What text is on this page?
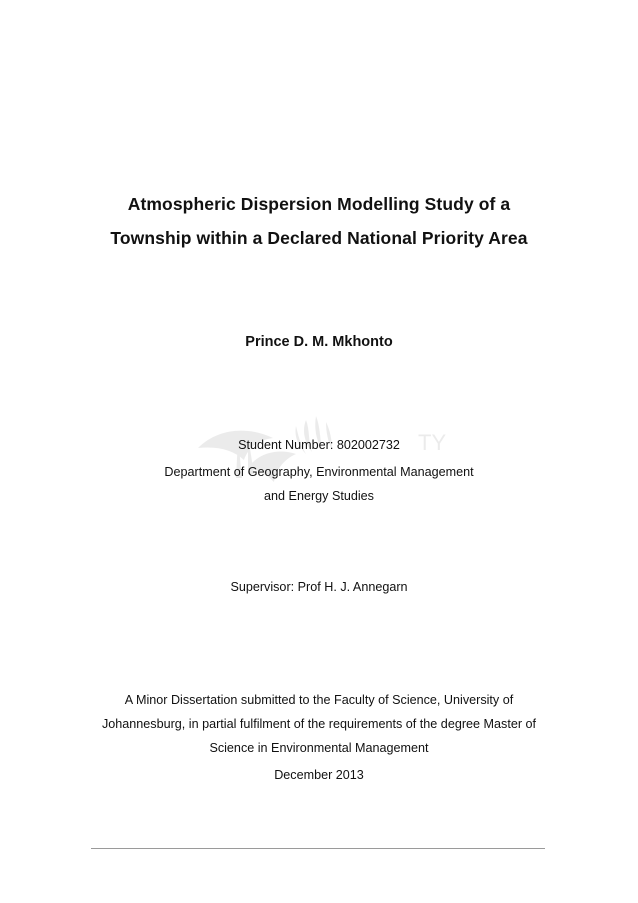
TY
Atmospheric Dispersion Modelling Study of a
Township within a Declared National Priority Area
Prince D. M. Mkhonto
Student Number: 802002732
Department of Geography, Environmental Management
and Energy Studies
Supervisor: Prof H. J. Annegarn
A Minor Dissertation submitted to the Faculty of Science, University of
Johannesburg, in partial fulfilment of the requirements of the degree Master of
Science in Environmental Management
December 2013
